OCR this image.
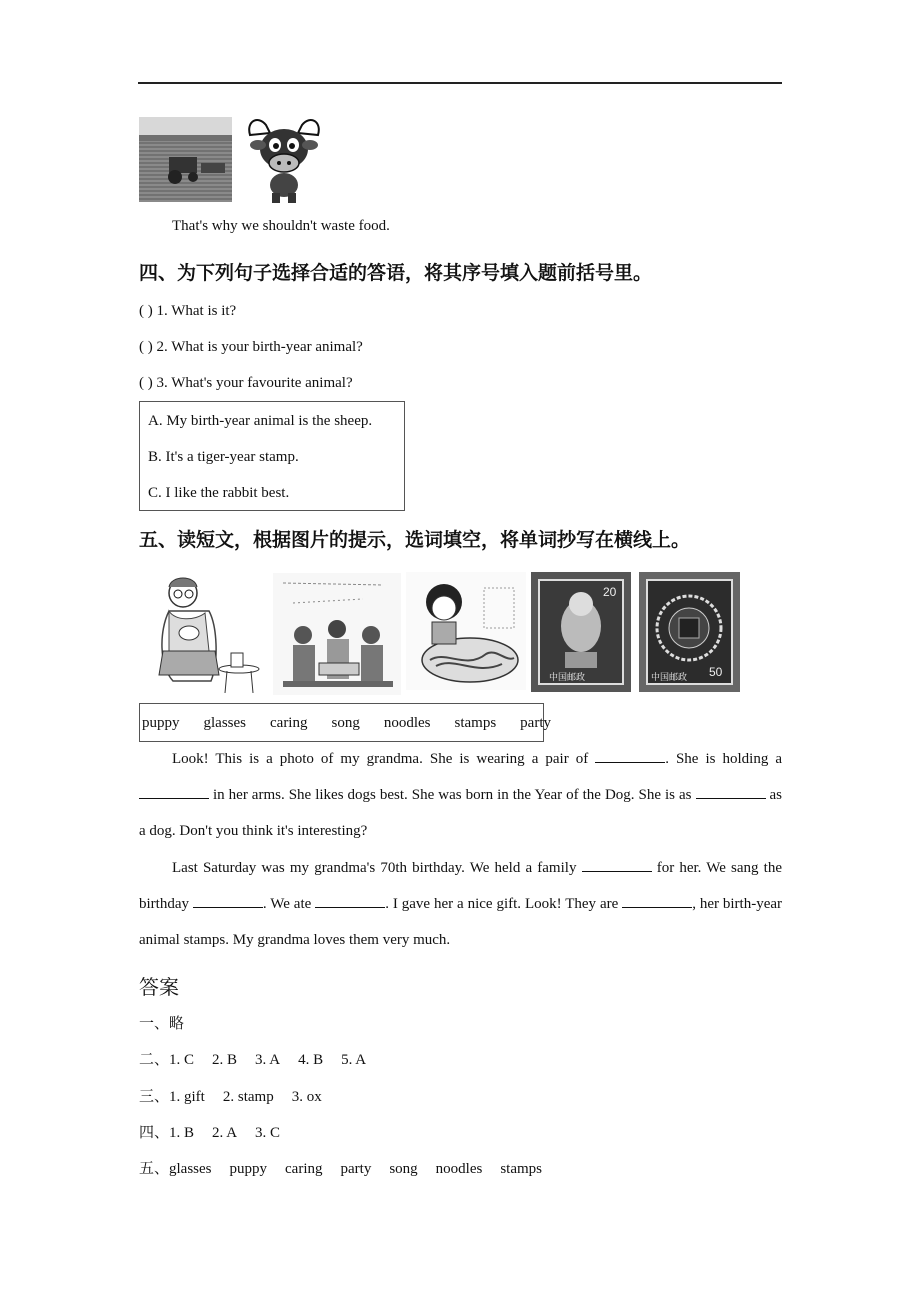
That's why we shouldn't waste food.
四、为下列句子选择合适的答语，将其序号填入题前括号里。
( ) 1. What is it?
( ) 2. What is your birth-year animal?
( ) 3. What's your favourite animal?
A. My birth-year animal is the sheep.
B. It's a tiger-year stamp.
C. I like the rabbit best.
五、读短文，根据图片的提示，选词填空，将单词抄写在横线上。
20
中国邮政	中国邮政 50
puppy glasses caring song noodles stamps party
Look! This is a photo of my grandma. She is wearing a pair of	. She is holding a  in her arms. She likes dogs best. She was born in the Year of the Dog. She is as	as a dog. Don't you think it's interesting?
Last Saturday was my grandma's 70th birthday. We held a family	for her. We sang the birthday	. We ate	. I gave her a nice gift. Look! They are	, her birth-year animal stamps. My grandma loves them very much.
答案
一、略
二、1. C 2. B 3. A 4. B 5. A
三、1. gift 2. stamp 3. ox
四、1. B 2. A 3. C
五、glasses puppy caring party song noodles stamps
